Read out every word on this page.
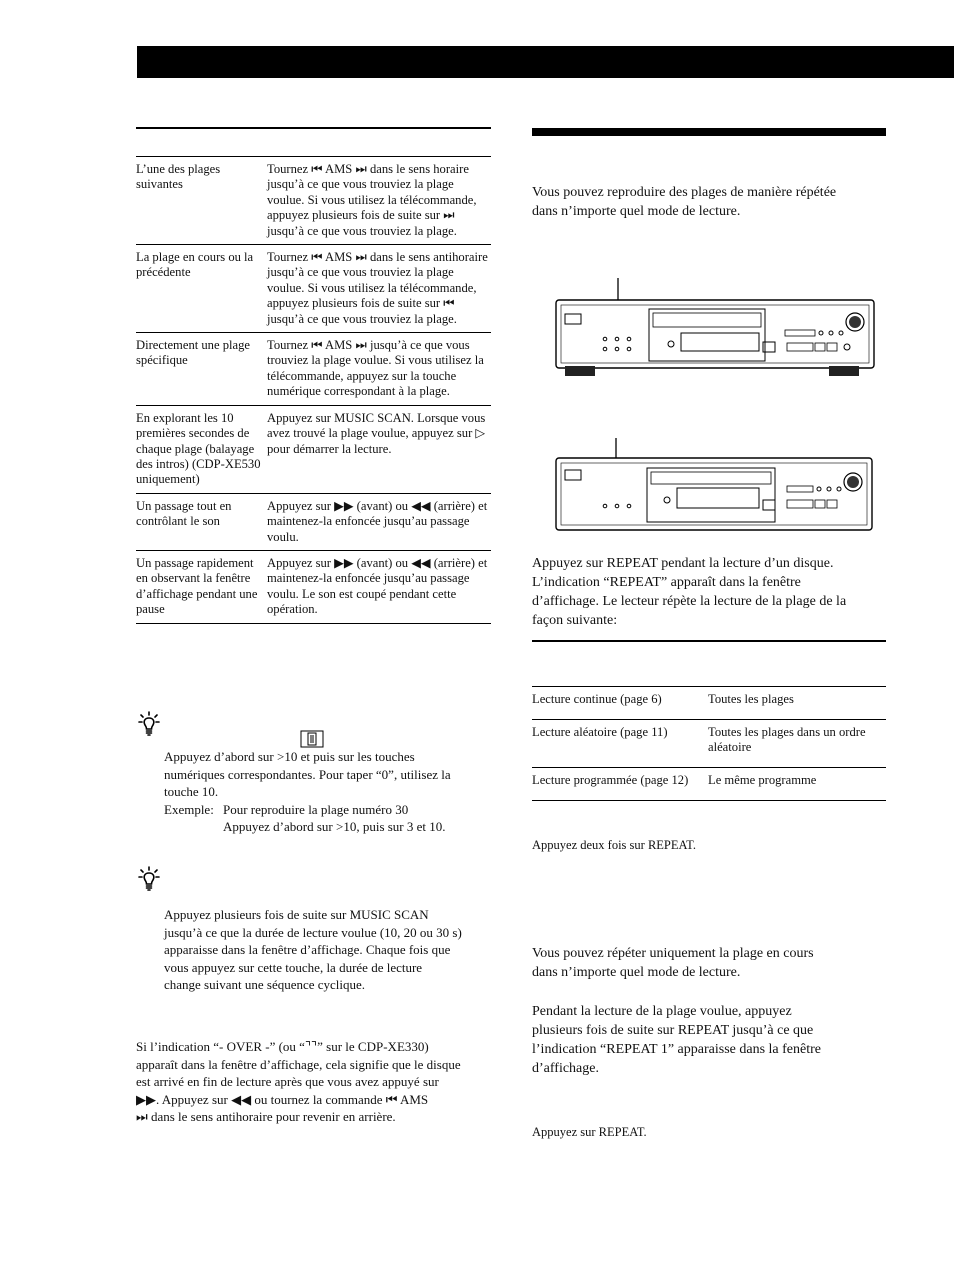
L’une des plages suivantes	Tournez ⏮ AMS ⏭ dans le sens horaire jusqu’à ce que vous trouviez la plage voulue. Si vous utilisez la télécommande, appuyez plusieurs fois de suite sur ⏭ jusqu’à ce que vous trouviez la plage.
La plage en cours ou la précédente	Tournez ⏮ AMS ⏭ dans le sens antihoraire jusqu’à ce que vous trouviez la plage voulue. Si vous utilisez la télécommande, appuyez plusieurs fois de suite sur ⏮ jusqu’à ce que vous trouviez la plage.
Directement une plage spécifique	Tournez ⏮ AMS ⏭ jusqu’à ce que vous trouviez la plage voulue. Si vous utilisez la télécommande, appuyez sur la touche numérique correspondant à la plage.
En explorant les 10 premières secondes de chaque plage (balayage des intros) (CDP-XE530 uniquement)	Appuyez sur MUSIC SCAN. Lorsque vous avez trouvé la plage voulue, appuyez sur ▷ pour démarrer la lecture.
Un passage tout en contrôlant le son	Appuyez sur ▶▶ (avant) ou ◀◀ (arrière) et maintenez-la enfoncée jusqu’au passage voulu.
Un passage rapidement en observant la fenêtre d’affichage pendant une pause	Appuyez sur ▶▶ (avant) ou ◀◀ (arrière) et maintenez-la enfoncée jusqu’au passage voulu. Le son est coupé pendant cette opération.
Appuyez d’abord sur >10 et puis sur les touches
numériques correspondantes. Pour taper “0”, utilisez la
touche 10.
Exemple: Pour reproduire la plage numéro 30
Appuyez d’abord sur >10, puis sur 3 et 10.
Appuyez plusieurs fois de suite sur MUSIC SCAN
jusqu’à ce que la durée de lecture voulue (10, 20 ou 30 s)
apparaisse dans la fenêtre d’affichage. Chaque fois que
vous appuyez sur cette touche, la durée de lecture
change suivant une séquence cyclique.
Si l’indication “- OVER -” (ou “⌝⌝” sur le CDP-XE330)
apparaît dans la fenêtre d’affichage, cela signifie que le disque
est arrivé en fin de lecture après que vous avez appuyé sur
▶▶. Appuyez sur ◀◀ ou tournez la commande ⏮ AMS
⏭ dans le sens antihoraire pour revenir en arrière.
Vous pouvez reproduire des plages de manière répétée
dans n’importe quel mode de lecture.
Appuyez sur REPEAT pendant la lecture d’un disque.
L’indication “REPEAT” apparaît dans la fenêtre
d’affichage. Le lecteur répète la lecture de la plage de la
façon suivante:
Lecture continue (page 6)	Toutes les plages
Lecture aléatoire (page 11)	Toutes les plages dans un ordre aléatoire
Lecture programmée (page 12)	Le même programme
Appuyez deux fois sur REPEAT.
Vous pouvez répéter uniquement la plage en cours
dans n’importe quel mode de lecture.
Pendant la lecture de la plage voulue, appuyez
plusieurs fois de suite sur REPEAT jusqu’à ce que
l’indication “REPEAT 1” apparaisse dans la fenêtre
d’affichage.
Appuyez sur REPEAT.
